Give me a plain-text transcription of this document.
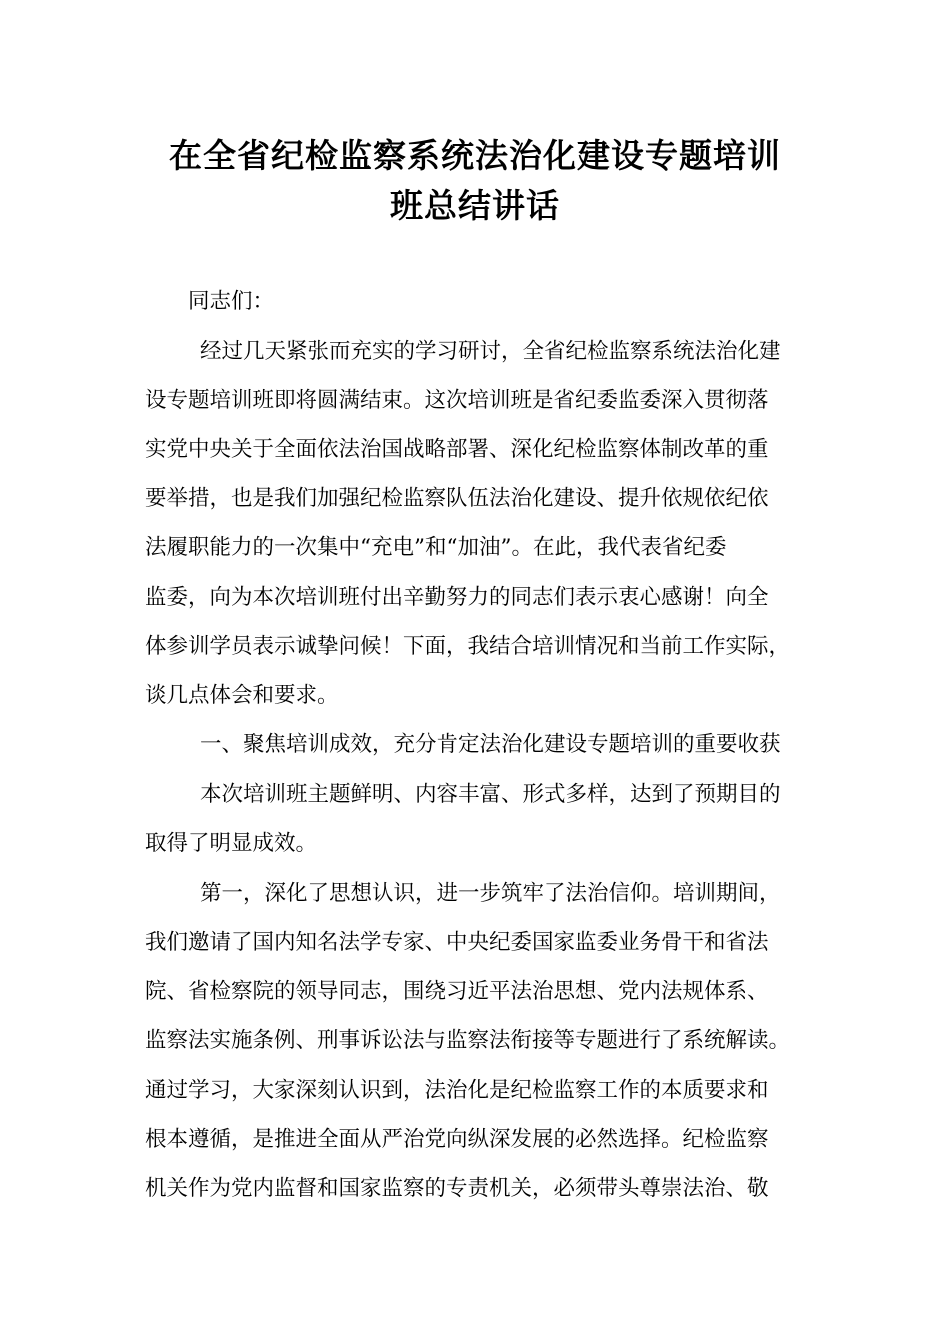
在全省纪检监察系统法治化建设专题培训
班总结讲话

同志们：

经过几天紧张而充实的学习研讨，全省纪检监察系统法治化建

设专题培训班即将圆满结束。这次培训班是省纪委监委深入贯彻落

实党中央关于全面依法治国战略部署、深化纪检监察体制改革的重

要举措，也是我们加强纪检监察队伍法治化建设、提升依规依纪依

法履职能力的一次集中“充电”和“加油”。在此，我代表省纪委

监委，向为本次培训班付出辛勤努力的同志们表示衷心感谢！向全

体参训学员表示诚挚问候！下面，我结合培训情况和当前工作实际，

谈几点体会和要求。

一、聚焦培训成效，充分肯定法治化建设专题培训的重要收获

本次培训班主题鲜明、内容丰富、形式多样，达到了预期目的

取得了明显成效。

第一，深化了思想认识，进一步筑牢了法治信仰。培训期间，

我们邀请了国内知名法学专家、中央纪委国家监委业务骨干和省法

院、省检察院的领导同志，围绕习近平法治思想、党内法规体系、

监察法实施条例、刑事诉讼法与监察法衔接等专题进行了系统解读。

通过学习，大家深刻认识到，法治化是纪检监察工作的本质要求和

根本遵循，是推进全面从严治党向纵深发展的必然选择。纪检监察

机关作为党内监督和国家监察的专责机关，必须带头尊崇法治、敬
